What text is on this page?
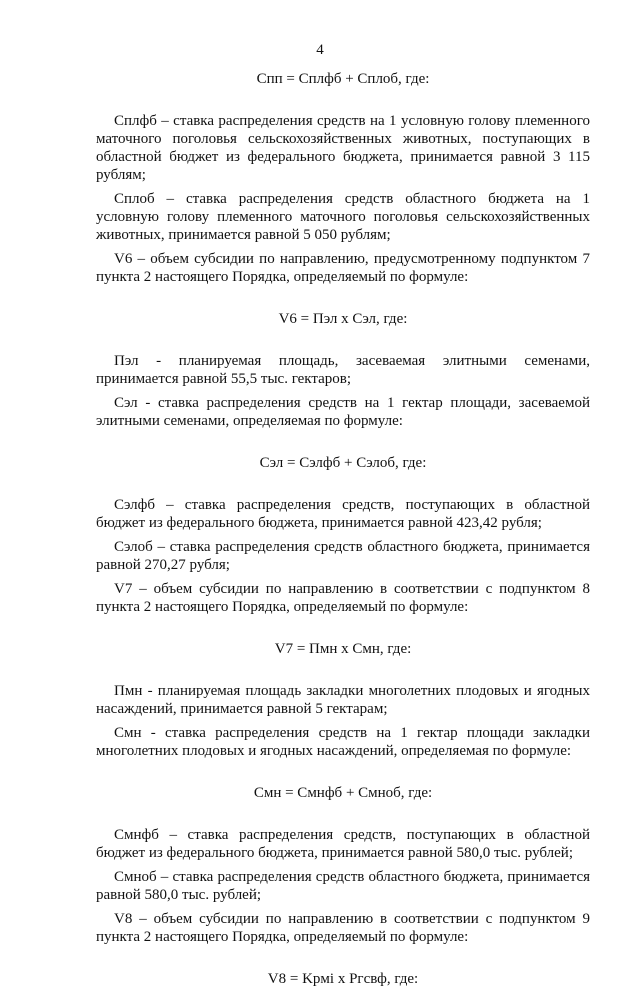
4
Cпп = Cплфб + Cплоб, где:
Cплфб – ставка распределения средств на 1 условную голову племенного маточного поголовья сельскохозяйственных животных, поступающих в областной бюджет из федерального бюджета, принимается равной 3 115 рублям;
Cплоб – ставка распределения средств областного бюджета на 1 условную голову племенного маточного поголовья сельскохозяйственных животных, принимается равной 5 050 рублям;
V6 – объем субсидии по направлению, предусмотренному подпунктом 7 пункта 2 настоящего Порядка, определяемый по формуле:
V6 = Пэл x Cэл, где:
Пэл - планируемая площадь, засеваемая элитными семенами, принимается равной 55,5 тыс. гектаров;
Cэл - ставка распределения средств на 1 гектар площади, засеваемой элитными семенами, определяемая по формуле:
Cэл = Cэлфб + Cэлоб, где:
Cэлфб – ставка распределения средств, поступающих в областной бюджет из федерального бюджета, принимается равной 423,42 рубля;
Cэлоб – ставка распределения средств областного бюджета, принимается равной 270,27 рубля;
V7 – объем субсидии по направлению в соответствии с подпунктом 8 пункта 2 настоящего Порядка, определяемый по формуле:
V7 = Пмн x Cмн, где:
Пмн - планируемая площадь закладки многолетних плодовых и ягодных насаждений, принимается равной 5 гектарам;
Cмн - ставка распределения средств на 1 гектар площади закладки многолетних плодовых и ягодных насаждений, определяемая по формуле:
Cмн = Cмнфб + Cмноб, где:
Cмнфб – ставка распределения средств, поступающих в областной бюджет из федерального бюджета, принимается равной 580,0 тыс. рублей;
Cмноб – ставка распределения средств областного бюджета, принимается равной 580,0 тыс. рублей;
V8 – объем субсидии по направлению в соответствии с подпунктом 9 пункта 2 настоящего Порядка, определяемый по формуле:
V8 = Kpмi x Pгсвф, где:
